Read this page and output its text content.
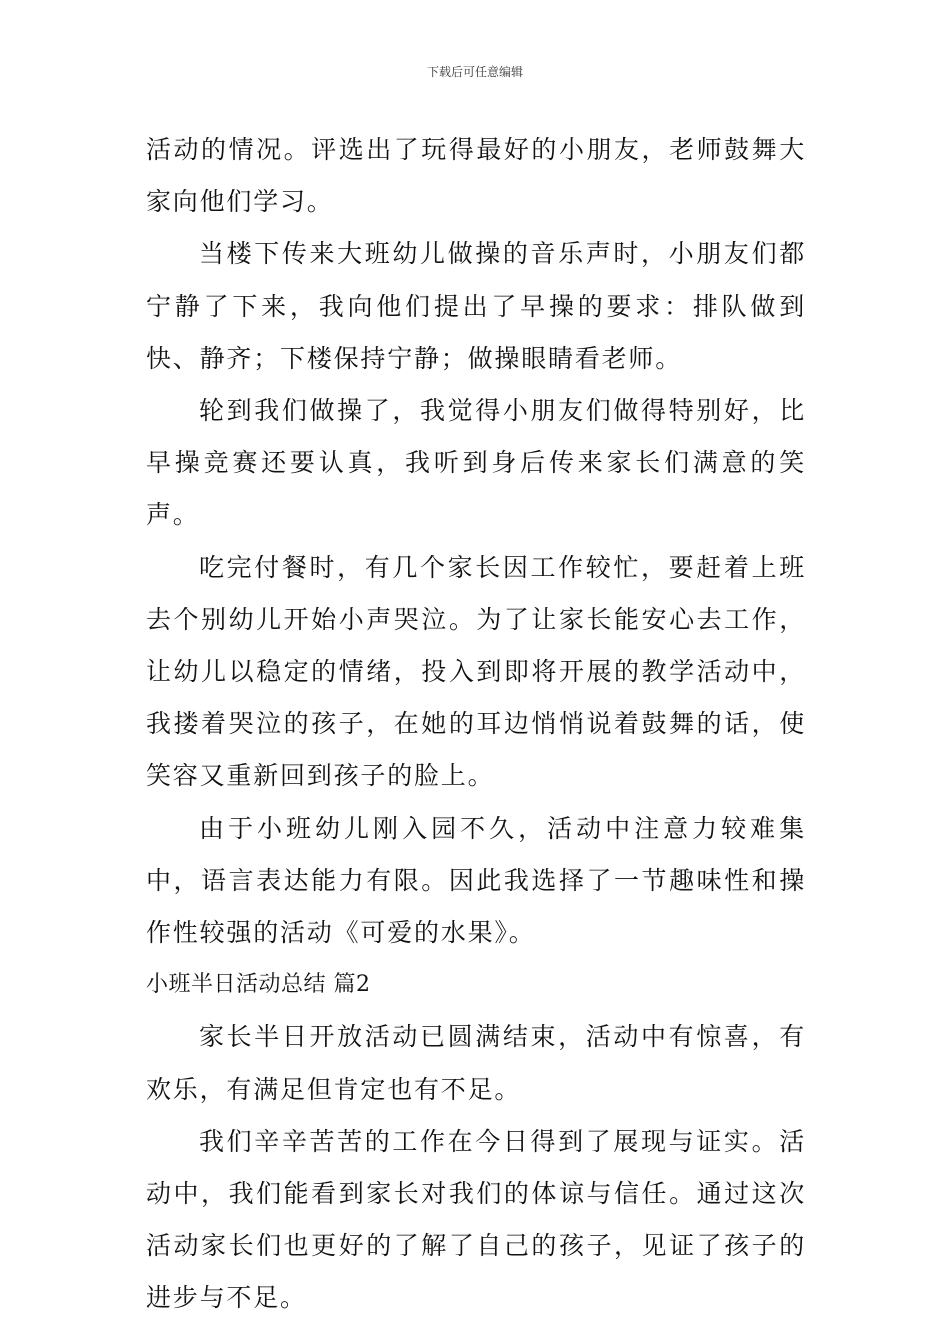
下载后可任意编辑

活动的情况。评选出了玩得最好的小朋友，老师鼓舞大家向他们学习。

当楼下传来大班幼儿做操的音乐声时，小朋友们都宁静了下来，我向他们提出了早操的要求：排队做到快、静齐；下楼保持宁静；做操眼睛看老师。

轮到我们做操了，我觉得小朋友们做得特别好，比早操竞赛还要认真，我听到身后传来家长们满意的笑声。

吃完付餐时，有几个家长因工作较忙，要赶着上班去个别幼儿开始小声哭泣。为了让家长能安心去工作，让幼儿以稳定的情绪，投入到即将开展的教学活动中，我搂着哭泣的孩子，在她的耳边悄悄说着鼓舞的话，使笑容又重新回到孩子的脸上。

由于小班幼儿刚入园不久，活动中注意力较难集中，语言表达能力有限。因此我选择了一节趣味性和操作性较强的活动《可爱的水果》。

小班半日活动总结 篇2

家长半日开放活动已圆满结束，活动中有惊喜，有欢乐，有满足但肯定也有不足。

我们辛辛苦苦的工作在今日得到了展现与证实。活动中，我们能看到家长对我们的体谅与信任。通过这次活动家长们也更好的了解了自己的孩子，见证了孩子的进步与不足。
